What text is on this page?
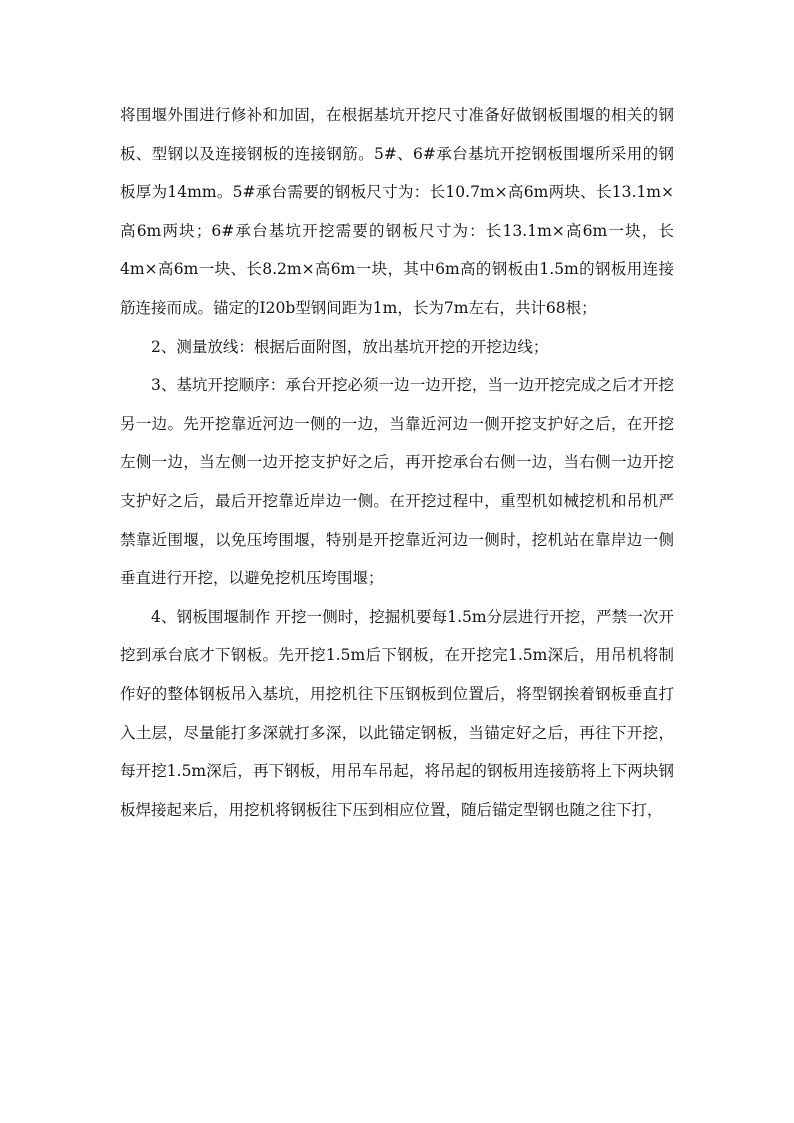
将围堰外围进行修补和加固，在根据基坑开挖尺寸准备好做钢板围堰的相关的钢板、型钢以及连接钢板的连接钢筋。5#、6#承台基坑开挖钢板围堰所采用的钢板厚为14mm。5#承台需要的钢板尺寸为：长10.7m×高6m两块、长13.1m×高6m两块；6#承台基坑开挖需要的钢板尺寸为：长13.1m×高6m一块，长4m×高6m一块、长8.2m×高6m一块，其中6m高的钢板由1.5m的钢板用连接筋连接而成。锚定的I20b型钢间距为1m，长为7m左右，共计68根；

2、测量放线：根据后面附图，放出基坑开挖的开挖边线；

3、基坑开挖顺序：承台开挖必须一边一边开挖，当一边开挖完成之后才开挖另一边。先开挖靠近河边一侧的一边，当靠近河边一侧开挖支护好之后，在开挖左侧一边，当左侧一边开挖支护好之后，再开挖承台右侧一边，当右侧一边开挖支护好之后，最后开挖靠近岸边一侧。在开挖过程中，重型机如械挖机和吊机严禁靠近围堰，以免压垮围堰，特别是开挖靠近河边一侧时，挖机站在靠岸边一侧垂直进行开挖，以避免挖机压垮围堰；

4、钢板围堰制作 开挖一侧时，挖掘机要每1.5m分层进行开挖，严禁一次开挖到承台底才下钢板。先开挖1.5m后下钢板，在开挖完1.5m深后，用吊机将制作好的整体钢板吊入基坑，用挖机往下压钢板到位置后，将型钢挨着钢板垂直打入土层，尽量能打多深就打多深，以此锚定钢板，当锚定好之后，再往下开挖，每开挖1.5m深后，再下钢板，用吊车吊起，将吊起的钢板用连接筋将上下两块钢板焊接起来后，用挖机将钢板往下压到相应位置，随后锚定型钢也随之往下打，
